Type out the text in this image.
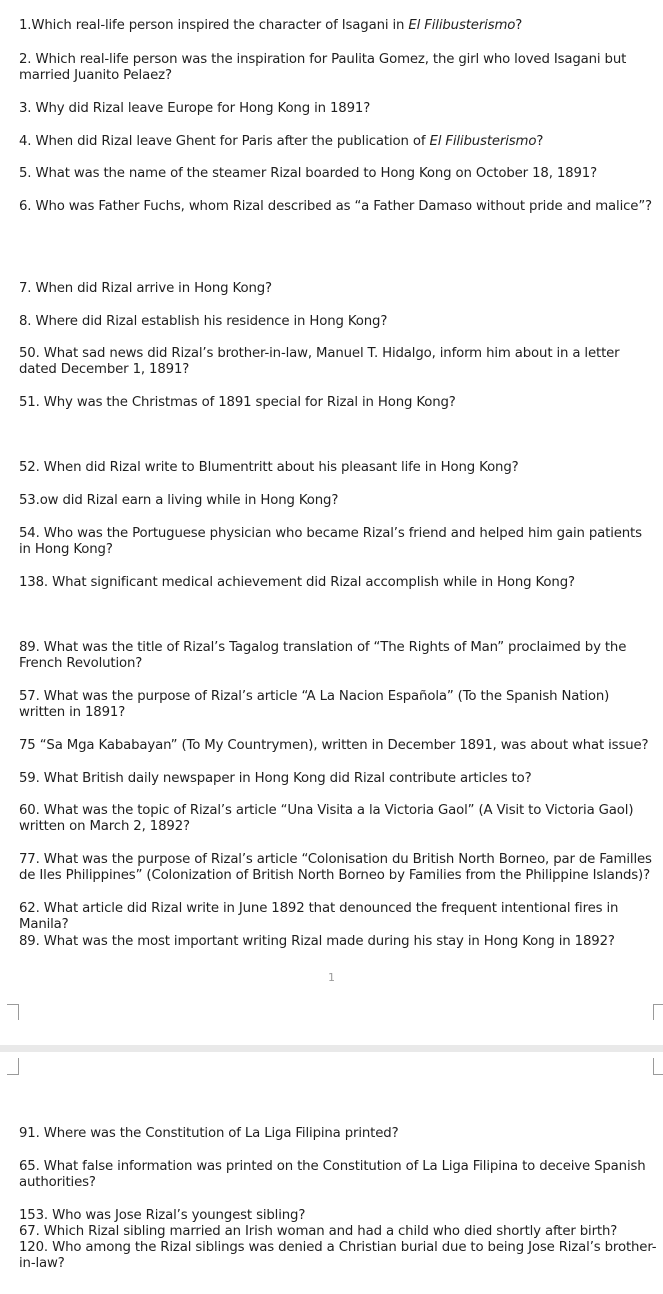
1.Which real-life person inspired the character of Isagani in El Filibusterismo?

2. Which real-life person was the inspiration for Paulita Gomez, the girl who loved Isagani but married Juanito Pelaez?

3. Why did Rizal leave Europe for Hong Kong in 1891?

4. When did Rizal leave Ghent for Paris after the publication of El Filibusterismo?

5. What was the name of the steamer Rizal boarded to Hong Kong on October 18, 1891?

6. Who was Father Fuchs, whom Rizal described as “a Father Damaso without pride and malice”?

7. When did Rizal arrive in Hong Kong?

8. Where did Rizal establish his residence in Hong Kong?

50. What sad news did Rizal’s brother-in-law, Manuel T. Hidalgo, inform him about in a letter dated December 1, 1891?

51. Why was the Christmas of 1891 special for Rizal in Hong Kong?

52. When did Rizal write to Blumentritt about his pleasant life in Hong Kong?

53.ow did Rizal earn a living while in Hong Kong?

54. Who was the Portuguese physician who became Rizal’s friend and helped him gain patients in Hong Kong?

138. What significant medical achievement did Rizal accomplish while in Hong Kong?

89. What was the title of Rizal’s Tagalog translation of “The Rights of Man” proclaimed by the French Revolution?

57. What was the purpose of Rizal’s article “A La Nacion Española” (To the Spanish Nation) written in 1891?

75 “Sa Mga Kababayan” (To My Countrymen), written in December 1891, was about what issue?

59. What British daily newspaper in Hong Kong did Rizal contribute articles to?

60. What was the topic of Rizal’s article “Una Visita a la Victoria Gaol” (A Visit to Victoria Gaol) written on March 2, 1892?

77. What was the purpose of Rizal’s article “Colonisation du British North Borneo, par de Familles de Iles Philippines” (Colonization of British North Borneo by Families from the Philippine Islands)?

62. What article did Rizal write in June 1892 that denounced the frequent intentional fires in Manila?

89. What was the most important writing Rizal made during his stay in Hong Kong in 1892?

1

91. Where was the Constitution of La Liga Filipina printed?

65. What false information was printed on the Constitution of La Liga Filipina to deceive Spanish authorities?

153. Who was Jose Rizal’s youngest sibling?

67. Which Rizal sibling married an Irish woman and had a child who died shortly after birth?

120. Who among the Rizal siblings was denied a Christian burial due to being Jose Rizal’s brother-in-law?
